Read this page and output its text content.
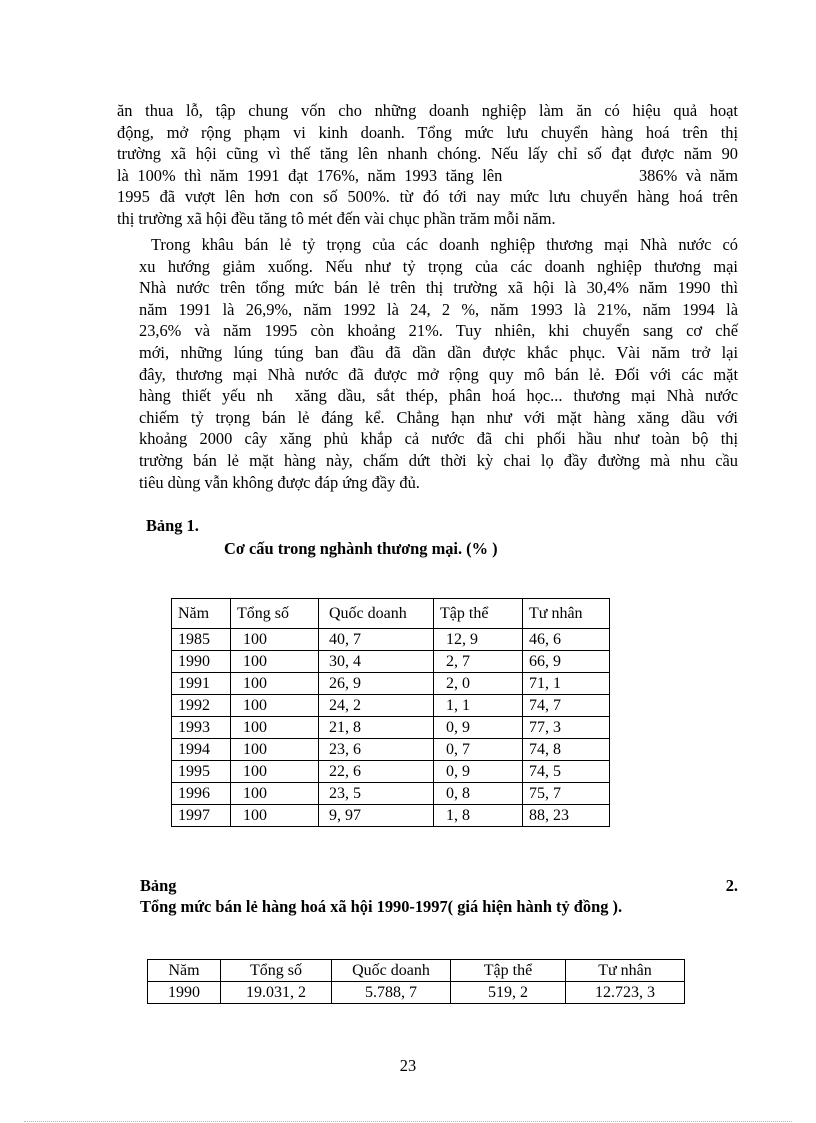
ăn thua lỗ, tập chung vốn cho những doanh nghiệp làm ăn có hiệu quả hoạt
động, mở rộng phạm vi kinh doanh. Tổng mức lưu chuyển hàng hoá trên thị
trường xã hội cũng vì thế tăng lên nhanh chóng. Nếu lấy chỉ số đạt được năm 90
là 100% thì năm 1991 đạt 176%, năm 1993 tăng lên                386% và năm
1995 đã vượt lên hơn con số 500%. từ đó tới nay mức lưu chuyển hàng hoá trên
thị trường xã hội đều tăng tô mét đến vài chục phần trăm mỗi năm.
Trong khâu bán lẻ tỷ trọng của các doanh nghiệp thương mại Nhà nước có
xu hướng giảm xuống. Nếu như tỷ trọng của các doanh nghiệp thương mại
Nhà nước trên tổng mức bán lẻ trên thị trường xã hội là 30,4% năm 1990 thì
năm 1991 là 26,9%, năm 1992 là 24, 2 %, năm 1993 là 21%, năm 1994 là
23,6% và năm 1995 còn khoảng 21%. Tuy nhiên, khi chuyển sang cơ chế
mới, những lúng túng ban đầu đã dần dần được khắc phục. Vài năm trở lại
đây, thương mại Nhà nước đã được mở rộng quy mô bán lẻ. Đối với các mặt
hàng thiết yếu nh  xăng dầu, sắt thép, phân hoá học... thương mại Nhà nước
chiếm tỷ trọng bán lẻ đáng kể. Chẳng hạn như với mặt hàng xăng dầu với
khoảng 2000 cây xăng phủ khắp cả nước đã chi phối hầu như toàn bộ thị
trường bán lẻ mặt hàng này, chấm dứt thời kỳ chai lọ đầy đường mà nhu cầu
tiêu dùng vẫn không được đáp ứng đầy đủ.
Bảng 1.
Cơ cấu trong nghành thương mại. (% )
Năm	Tổng số	Quốc doanh	Tập thể	Tư nhân
1985	100	40, 7	12, 9	46, 6
1990	100	30, 4	2, 7	66, 9
1991	100	26, 9	2, 0	71, 1
1992	100	24, 2	1, 1	74, 7
1993	100	21, 8	0, 9	77, 3
1994	100	23, 6	0, 7	74, 8
1995	100	22, 6	0, 9	74, 5
1996	100	23, 5	0, 8	75, 7
1997	100	9, 97	1, 8	88, 23
Bảng	2.
Tổng mức bán lẻ hàng hoá xã hội 1990-1997( giá hiện hành tỷ đồng ).
Năm	Tổng số	Quốc doanh	Tập thể	Tư nhân
1990	19.031, 2	5.788, 7	519, 2	12.723, 3
23
